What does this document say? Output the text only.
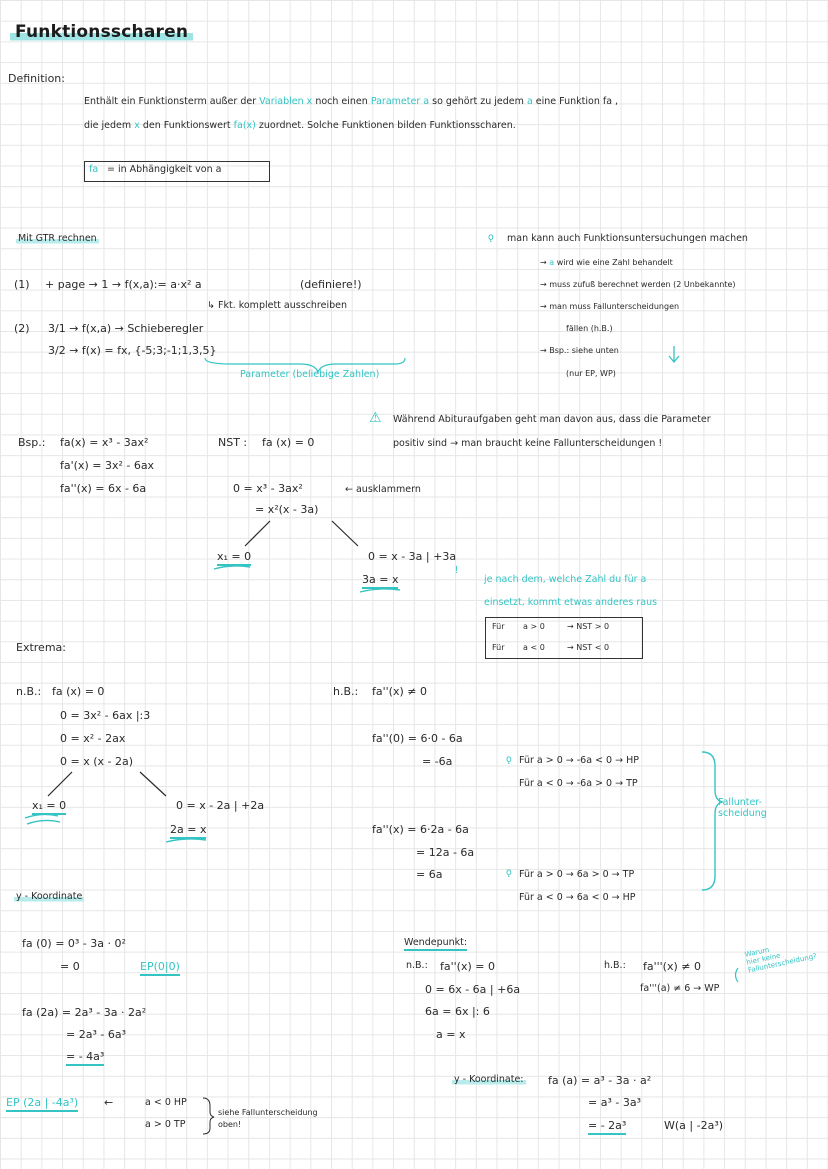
Funktionsscharen
Definition:
Enthält ein Funktionsterm außer der Variablen x noch einen Parameter a so gehört zu jedem a eine Funktion fa ,
die jedem x den Funktionswert fa(x) zuordnet. Solche Funktionen bilden Funktionsscharen.
fa = in Abhängigkeit von a
Mit GTR rechnen
(1) + page → 1 → f(x,a):= a·x² a	(definiere!)
↳ Fkt. komplett ausschreiben
(2) 3/1 → f(x,a) → Schieberegler
3/2 → f(x) = fx, {-5;3;-1;1,3,5}
Parameter (beliebige Zahlen)
ǫ man kann auch Funktionsuntersuchungen machen
→ a wird wie eine Zahl behandelt
→ muss zufuß berechnet werden (2 Unbekannte)
→ man muss Fallunterscheidungen
fällen (h.B.)
→ Bsp.: siehe unten
(nur EP, WP)
⚠ Während Abituraufgaben geht man davon aus, dass die Parameter
positiv sind → man braucht keine Fallunterscheidungen !
Bsp.: fa(x) = x³ - 3ax²
fa'(x) = 3x² - 6ax
fa''(x) = 6x - 6a
NST : fa (x) = 0
0 = x³ - 3ax²	← ausklammern
= x²(x - 3a)
x₁ = 0	0 = x - 3a | +3a
3a = x
ǃ
je nach dem, welche Zahl du für a
einsetzt, kommt etwas anderes raus
Für a > 0	→ NST > 0
Für a < 0	→ NST < 0
Extrema:
n.B.: fa (x) = 0
0 = 3x² - 6ax |:3
0 = x² - 2ax
0 = x (x - 2a)
x₁ = 0	0 = x - 2a | +2a
2a = x
h.B.: fa''(x) ≠ 0
fa''(0) = 6·0 - 6a
= -6a	ǫ Für a > 0 → -6a < 0 → HP
Für a < 0 → -6a > 0 → TP
Fallunter-
scheidung
fa''(x) = 6·2a - 6a
= 12a - 6a
= 6a	ǫ Für a > 0 → 6a > 0 → TP
Für a < 0 → 6a < 0 → HP
y - Koordinate
fa (0) = 0³ - 3a · 0²
= 0	EP(0|0)
fa (2a) = 2a³ - 3a · 2a²
= 2a³ - 6a³
= - 4a³
EP (2a | -4a³) ←	a < 0 HP
a > 0 TP
siehe Fallunterscheidung
oben!
Wendepunkt:
n.B.: fa''(x) = 0
0 = 6x - 6a | +6a
6a = 6x |: 6
a = x
h.B.: fa'''(x) ≠ 0
fa'''(a) ≠ 6 → WP
Warum
hier keine
Fallunterscheidung?
y - Koordinate: fa (a) = a³ - 3a · a²
= a³ - 3a³
= - 2a³	W(a | -2a³)
